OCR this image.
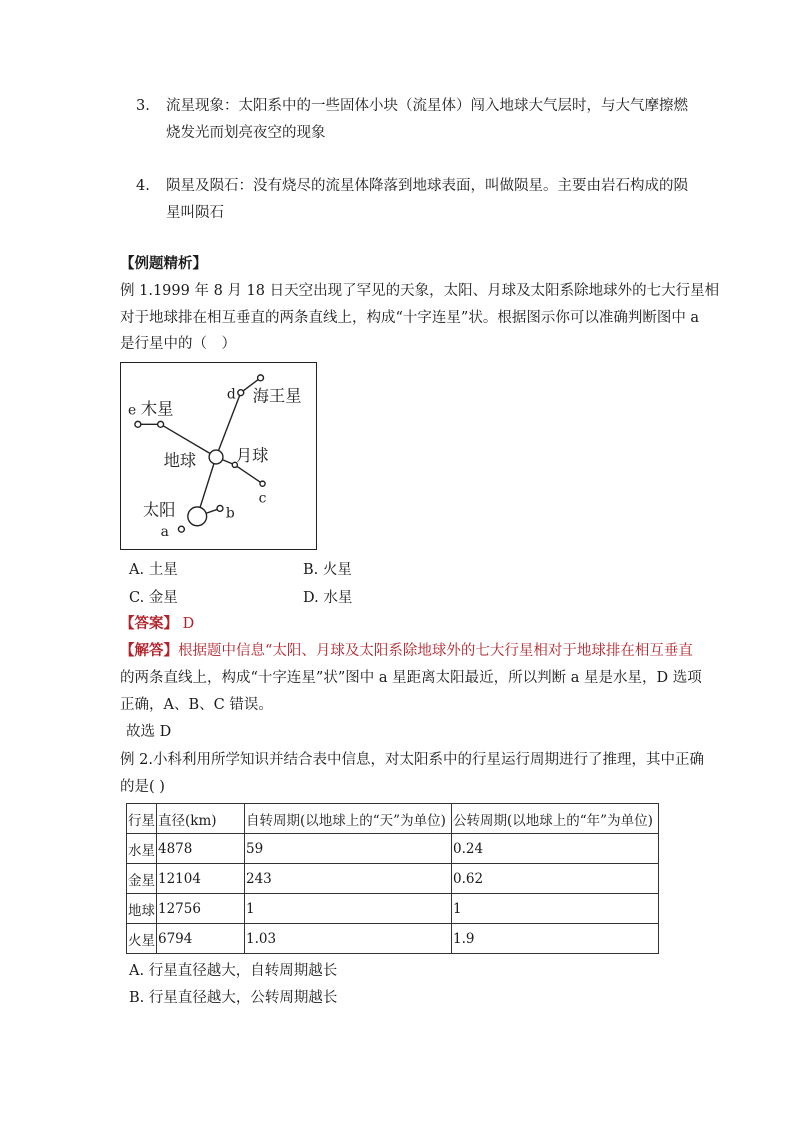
3. 流星现象：太阳系中的一些固体小块（流星体）闯入地球大气层时，与大气摩擦燃
烧发光而划亮夜空的现象
4. 陨星及陨石：没有烧尽的流星体降落到地球表面，叫做陨星。主要由岩石构成的陨
星叫陨石
【例题精析】
例 1.1999 年 8 月 18 日天空出现了罕见的天象，太阳、月球及太阳系除地球外的七大行星相
对于地球排在相互垂直的两条直线上，构成“十字连星”状。根据图示你可以准确判断图中 a
是行星中的（　）
海王星
d
木星
e
地球 月球
c
太阳	b
a
A. 土星	B. 火星
C. 金星	D. 水星
【答案】 D
【解答】根据题中信息“太阳、月球及太阳系除地球外的七大行星相对于地球排在相互垂直
的两条直线上，构成“十字连星”状”图中 a 星距离太阳最近，所以判断 a 星是水星，D 选项
正确，A、B、C 错误。
故选 D
例 2.小科利用所学知识并结合表中信息，对太阳系中的行星运行周期进行了推理，其中正确
的是( )
行星	直径(km)	自转周期(以地球上的“天”为单位)	公转周期(以地球上的“年”为单位)
水星	4878	59	0.24
金星	12104	243	0.62
地球	12756	1	1
火星	6794	1.03	1.9
A. 行星直径越大，自转周期越长
B. 行星直径越大，公转周期越长
